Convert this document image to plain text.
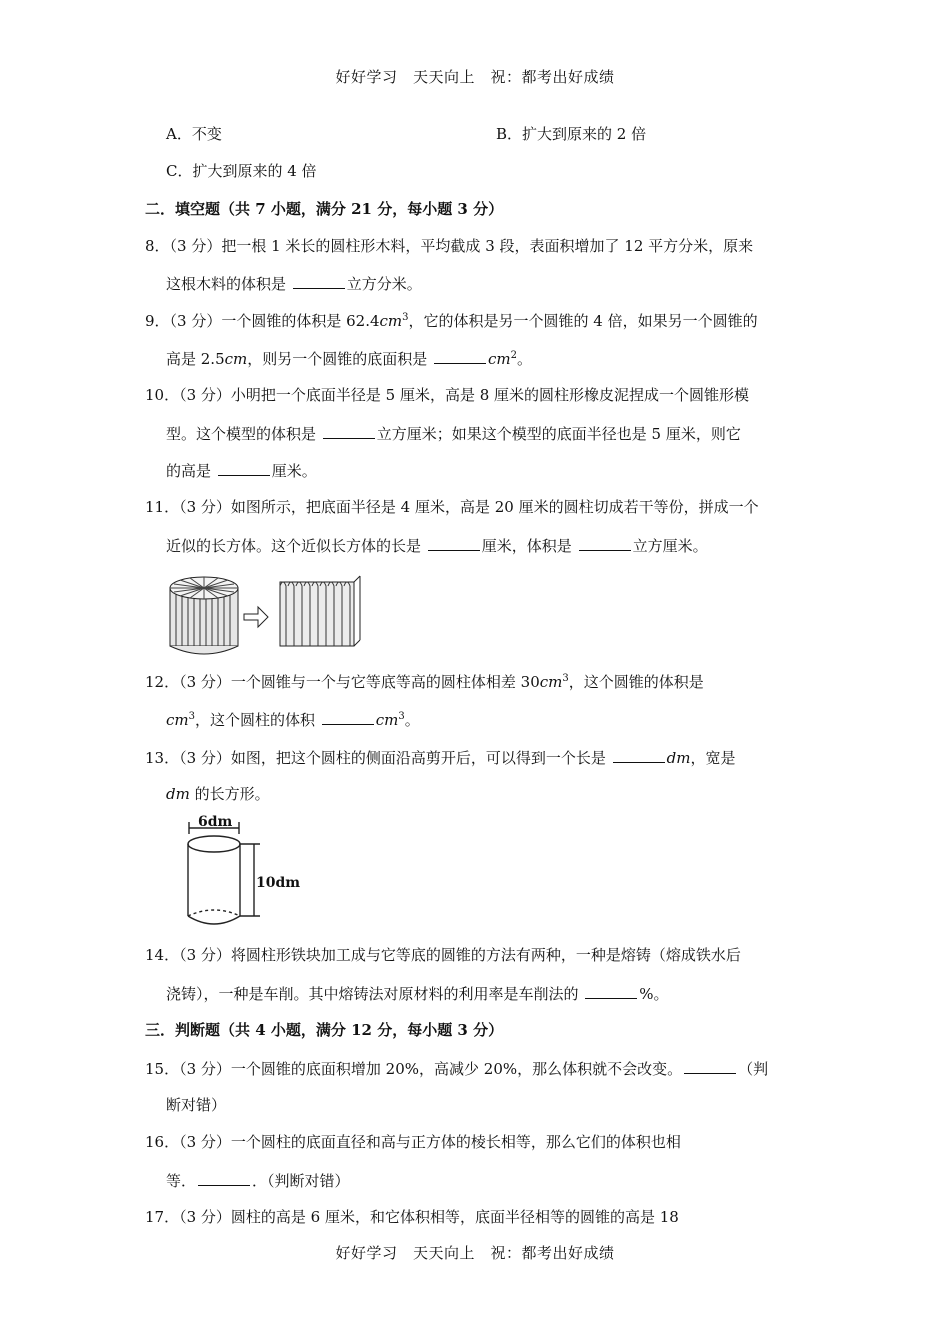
好好学习　天天向上　祝：都考出好成绩
A．不变	B．扩大到原来的 2 倍
C．扩大到原来的 4 倍
二．填空题（共 7 小题，满分 21 分，每小题 3 分）
8．（3 分）把一根 1 米长的圆柱形木料，平均截成 3 段，表面积增加了 12 平方分米，原来
这根木料的体积是	立方分米。
9．（3 分）一个圆锥的体积是 $62.4cm^3$，它的体积是另一个圆锥的 4 倍，如果另一个圆锥的
高是 2.5cm，则另一个圆锥的底面积是	$cm^2$。
10．（3 分）小明把一个底面半径是 5 厘米，高是 8 厘米的圆柱形橡皮泥捏成一个圆锥形模
型。这个模型的体积是	立方厘米；如果这个模型的底面半径也是 5 厘米，则它
的高是	厘米。
11．（3 分）如图所示，把底面半径是 4 厘米，高是 20 厘米的圆柱切成若干等份，拼成一个
近似的长方体。这个近似长方体的长是	厘米，体积是	立方厘米。
12．（3 分）一个圆锥与一个与它等底等高的圆柱体相差 $30cm^3$，这个圆锥的体积是
$cm^3$，这个圆柱的体积	$cm^3$。
13．（3 分）如图，把这个圆柱的侧面沿高剪开后，可以得到一个长是	dm，宽是
dm 的长方形。
6dm
10dm
14．（3 分）将圆柱形铁块加工成与它等底的圆锥的方法有两种，一种是熔铸（熔成铁水后
浇铸），一种是车削。其中熔铸法对原材料的利用率是车削法的	%。
三．判断题（共 4 小题，满分 12 分，每小题 3 分）
15．（3 分）一个圆锥的底面积增加 20%，高减少 20%，那么体积就不会改变。	（判
断对错）
16．（3 分）一个圆柱的底面直径和高与正方体的棱长相等，那么它们的体积也相
等．	．（判断对错）
17．（3 分）圆柱的高是 6 厘米，和它体积相等，底面半径相等的圆锥的高是 18
好好学习　天天向上　祝：都考出好成绩
